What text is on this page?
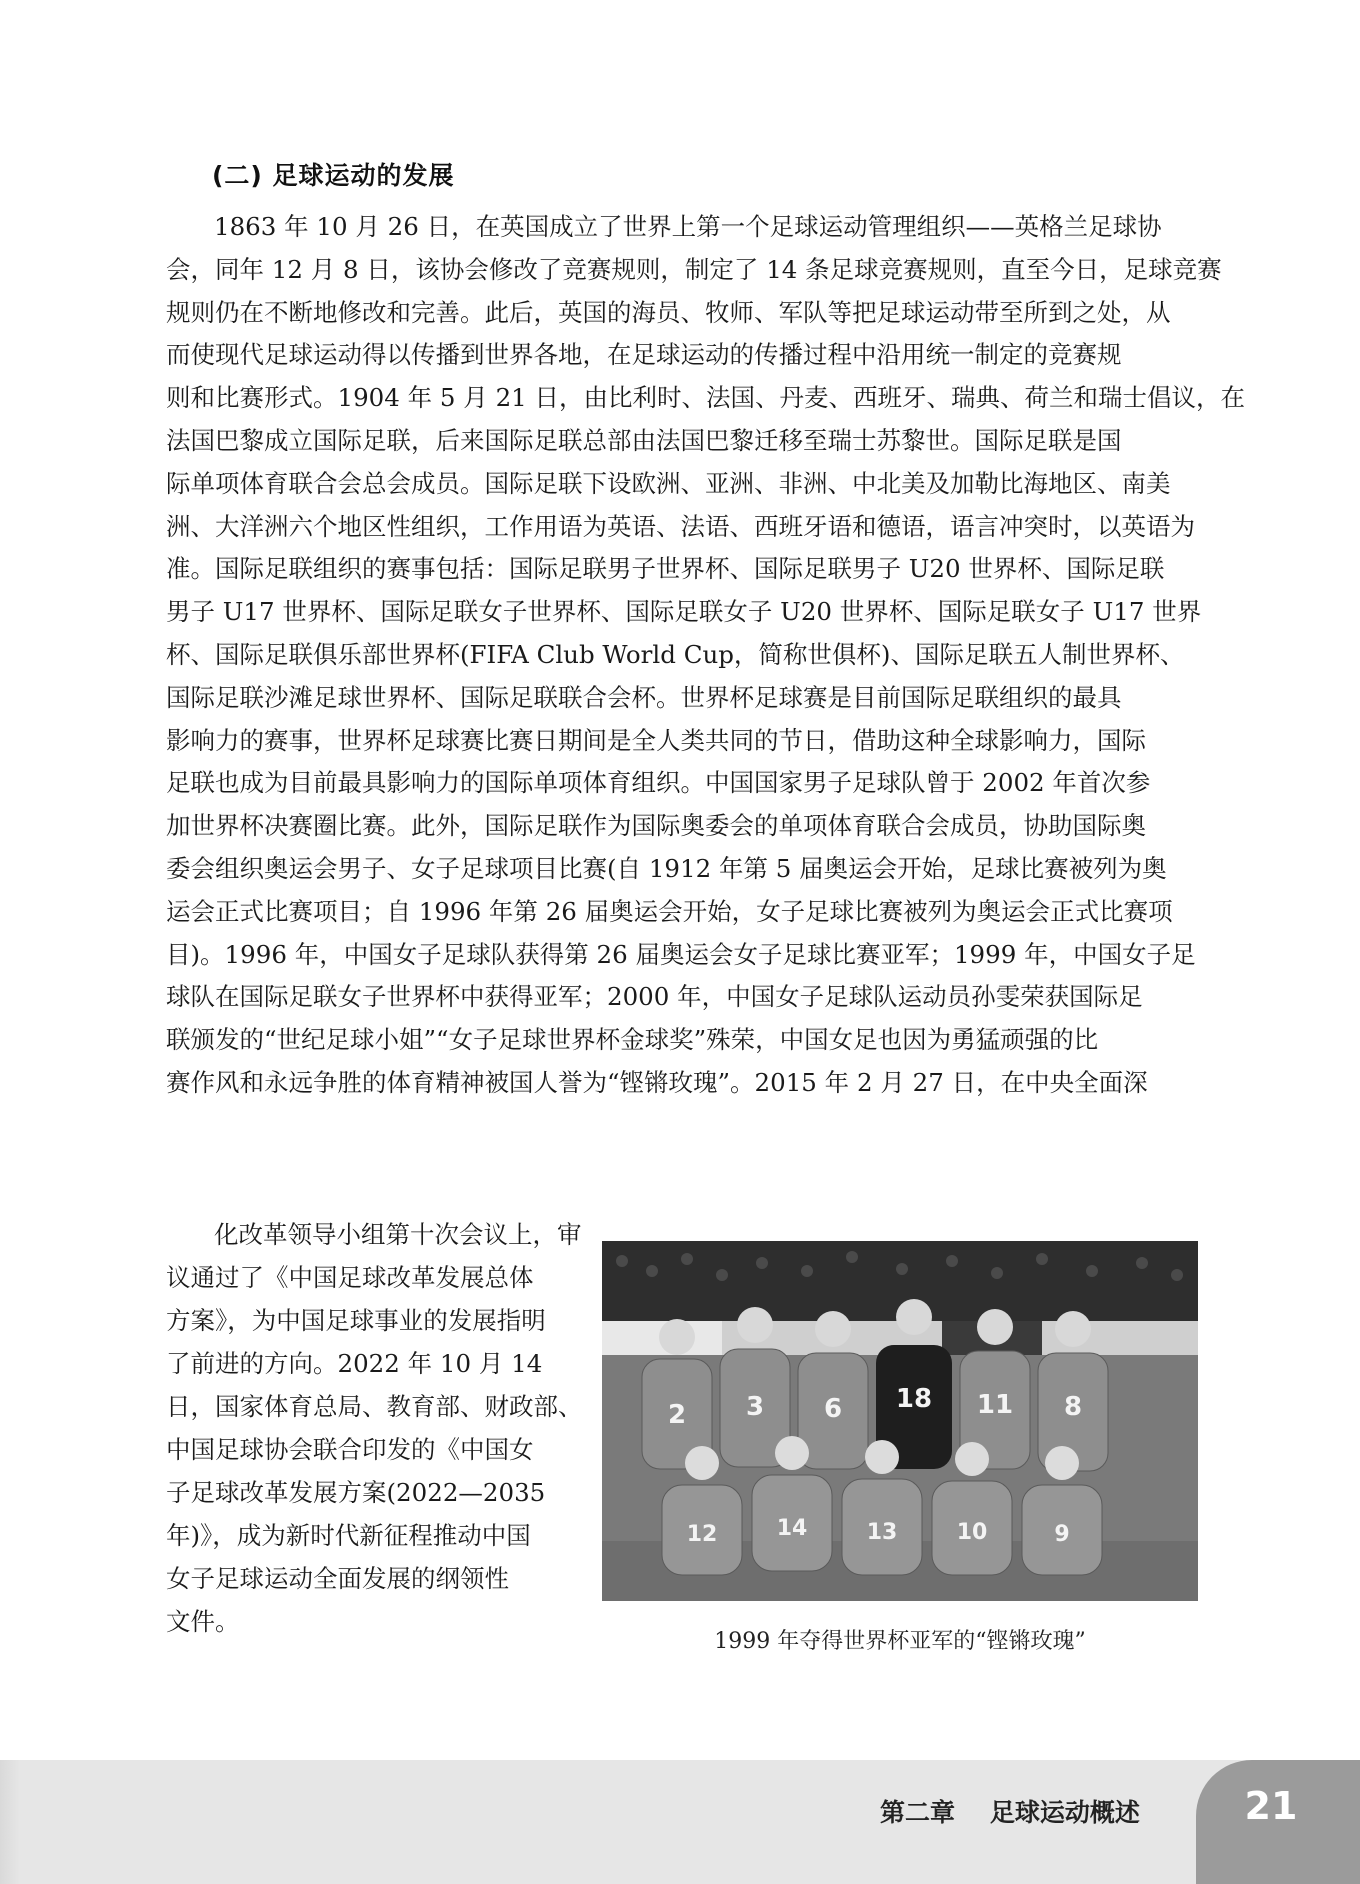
(二) 足球运动的发展
1863 年 10 月 26 日，在英国成立了世界上第一个足球运动管理组织——英格兰足球协
会，同年 12 月 8 日，该协会修改了竞赛规则，制定了 14 条足球竞赛规则，直至今日，足球竞赛
规则仍在不断地修改和完善。此后，英国的海员、牧师、军队等把足球运动带至所到之处，从
而使现代足球运动得以传播到世界各地，在足球运动的传播过程中沿用统一制定的竞赛规
则和比赛形式。1904 年 5 月 21 日，由比利时、法国、丹麦、西班牙、瑞典、荷兰和瑞士倡议，在
法国巴黎成立国际足联，后来国际足联总部由法国巴黎迁移至瑞士苏黎世。国际足联是国
际单项体育联合会总会成员。国际足联下设欧洲、亚洲、非洲、中北美及加勒比海地区、南美
洲、大洋洲六个地区性组织，工作用语为英语、法语、西班牙语和德语，语言冲突时，以英语为
准。国际足联组织的赛事包括：国际足联男子世界杯、国际足联男子 U20 世界杯、国际足联
男子 U17 世界杯、国际足联女子世界杯、国际足联女子 U20 世界杯、国际足联女子 U17 世界
杯、国际足联俱乐部世界杯(FIFA Club World Cup，简称世俱杯)、国际足联五人制世界杯、
国际足联沙滩足球世界杯、国际足联联合会杯。世界杯足球赛是目前国际足联组织的最具
影响力的赛事，世界杯足球赛比赛日期间是全人类共同的节日，借助这种全球影响力，国际
足联也成为目前最具影响力的国际单项体育组织。中国国家男子足球队曾于 2002 年首次参
加世界杯决赛圈比赛。此外，国际足联作为国际奥委会的单项体育联合会成员，协助国际奥
委会组织奥运会男子、女子足球项目比赛(自 1912 年第 5 届奥运会开始，足球比赛被列为奥
运会正式比赛项目；自 1996 年第 26 届奥运会开始，女子足球比赛被列为奥运会正式比赛项
目)。1996 年，中国女子足球队获得第 26 届奥运会女子足球比赛亚军；1999 年，中国女子足
球队在国际足联女子世界杯中获得亚军；2000 年，中国女子足球队运动员孙雯荣获国际足
联颁发的“世纪足球小姐”“女子足球世界杯金球奖”殊荣，中国女足也因为勇猛顽强的比
赛作风和永远争胜的体育精神被国人誉为“铿锵玫瑰”。2015 年 2 月 27 日，在中央全面深
化改革领导小组第十次会议上，审
议通过了《中国足球改革发展总体
方案》，为中国足球事业的发展指明
了前进的方向。2022 年 10 月 14
日，国家体育总局、教育部、财政部、
中国足球协会联合印发的《中国女
子足球改革发展方案(2022—2035
年)》，成为新时代新征程推动中国
女子足球运动全面发展的纲领性
文件。
2 3 6 18 11 8
12	14	13	10	9
1999 年夺得世界杯亚军的“铿锵玫瑰”
第二章    足球运动概述	21
